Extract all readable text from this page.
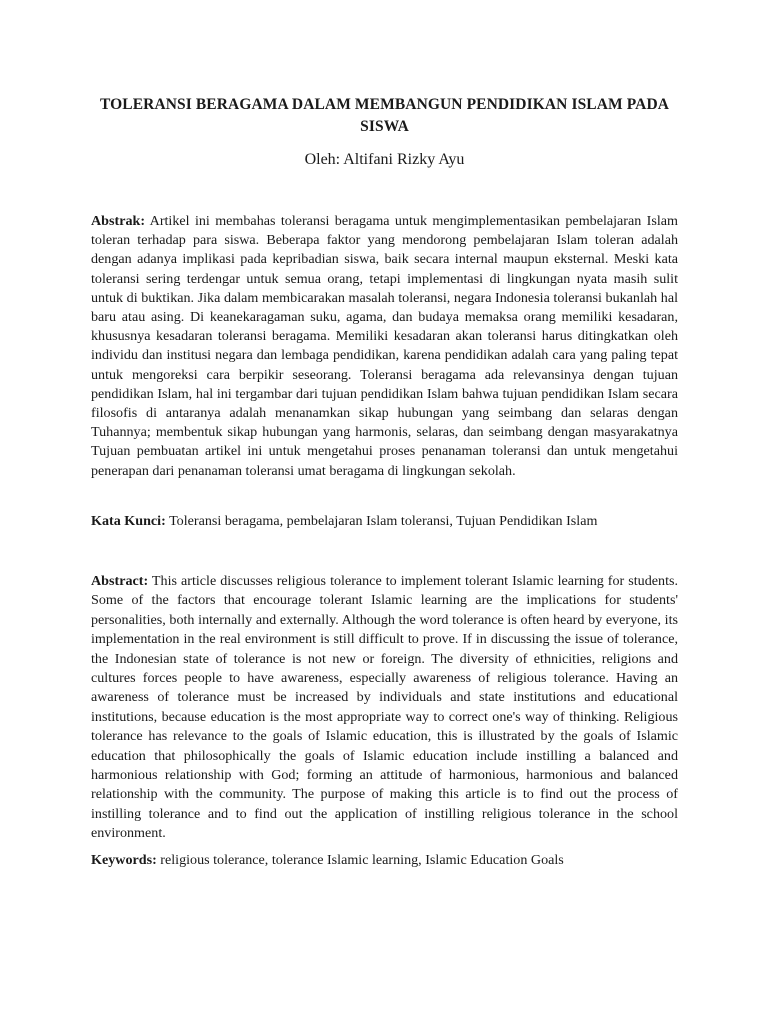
TOLERANSI BERAGAMA DALAM MEMBANGUN PENDIDIKAN ISLAM PADA SISWA
Oleh: Altifani Rizky Ayu
Abstrak: Artikel ini membahas toleransi beragama untuk mengimplementasikan pembelajaran Islam toleran terhadap para siswa. Beberapa faktor yang mendorong pembelajaran Islam toleran adalah dengan adanya implikasi pada kepribadian siswa, baik secara internal maupun eksternal. Meski kata toleransi sering terdengar untuk semua orang, tetapi implementasi di lingkungan nyata masih sulit untuk di buktikan. Jika dalam membicarakan masalah toleransi, negara Indonesia toleransi bukanlah hal baru atau asing. Di keanekaragaman suku, agama, dan budaya memaksa orang memiliki kesadaran, khususnya kesadaran toleransi beragama. Memiliki kesadaran akan toleransi harus ditingkatkan oleh individu dan institusi negara dan lembaga pendidikan, karena pendidikan adalah cara yang paling tepat untuk mengoreksi cara berpikir seseorang. Toleransi beragama ada relevansinya dengan tujuan pendidikan Islam, hal ini tergambar dari tujuan pendidikan Islam bahwa tujuan pendidikan Islam secara filosofis di antaranya adalah menanamkan sikap hubungan yang seimbang dan selaras dengan Tuhannya; membentuk sikap hubungan yang harmonis, selaras, dan seimbang dengan masyarakatnya Tujuan pembuatan artikel ini untuk mengetahui proses penanaman toleransi dan untuk mengetahui penerapan dari penanaman toleransi umat beragama di lingkungan sekolah.
Kata Kunci: Toleransi beragama, pembelajaran Islam toleransi, Tujuan Pendidikan Islam
Abstract: This article discusses religious tolerance to implement tolerant Islamic learning for students. Some of the factors that encourage tolerant Islamic learning are the implications for students' personalities, both internally and externally. Although the word tolerance is often heard by everyone, its implementation in the real environment is still difficult to prove. If in discussing the issue of tolerance, the Indonesian state of tolerance is not new or foreign. The diversity of ethnicities, religions and cultures forces people to have awareness, especially awareness of religious tolerance. Having an awareness of tolerance must be increased by individuals and state institutions and educational institutions, because education is the most appropriate way to correct one's way of thinking. Religious tolerance has relevance to the goals of Islamic education, this is illustrated by the goals of Islamic education that philosophically the goals of Islamic education include instilling a balanced and harmonious relationship with God; forming an attitude of harmonious, harmonious and balanced relationship with the community. The purpose of making this article is to find out the process of instilling tolerance and to find out the application of instilling religious tolerance in the school environment.
Keywords: religious tolerance, tolerance Islamic learning, Islamic Education Goals
